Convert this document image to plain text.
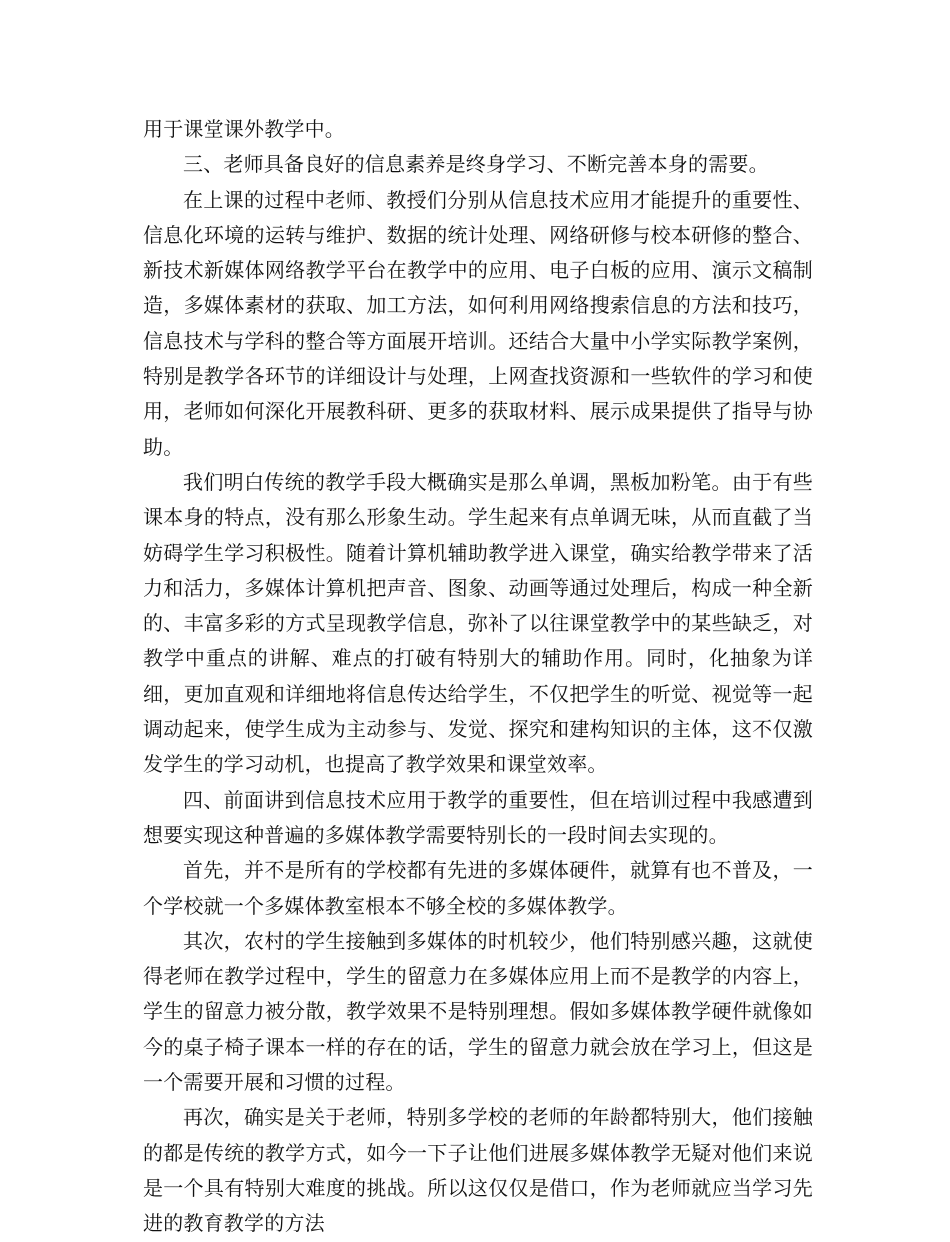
用于课堂课外教学中。

三、老师具备良好的信息素养是终身学习、不断完善本身的需要。

在上课的过程中老师、教授们分别从信息技术应用才能提升的重要性、信息化环境的运转与维护、数据的统计处理、网络研修与校本研修的整合、新技术新媒体网络教学平台在教学中的应用、电子白板的应用、演示文稿制造，多媒体素材的获取、加工方法，如何利用网络搜索信息的方法和技巧，信息技术与学科的整合等方面展开培训。还结合大量中小学实际教学案例，特别是教学各环节的详细设计与处理，上网查找资源和一些软件的学习和使用，老师如何深化开展教科研、更多的获取材料、展示成果提供了指导与协助。

我们明白传统的教学手段大概确实是那么单调，黑板加粉笔。由于有些课本身的特点，没有那么形象生动。学生起来有点单调无味，从而直截了当妨碍学生学习积极性。随着计算机辅助教学进入课堂，确实给教学带来了活力和活力，多媒体计算机把声音、图象、动画等通过处理后，构成一种全新的、丰富多彩的方式呈现教学信息，弥补了以往课堂教学中的某些缺乏，对教学中重点的讲解、难点的打破有特别大的辅助作用。同时，化抽象为详细，更加直观和详细地将信息传达给学生，不仅把学生的听觉、视觉等一起调动起来，使学生成为主动参与、发觉、探究和建构知识的主体，这不仅激发学生的学习动机，也提高了教学效果和课堂效率。

四、前面讲到信息技术应用于教学的重要性，但在培训过程中我感遭到想要实现这种普遍的多媒体教学需要特别长的一段时间去实现的。

首先，并不是所有的学校都有先进的多媒体硬件，就算有也不普及，一个学校就一个多媒体教室根本不够全校的多媒体教学。

其次，农村的学生接触到多媒体的时机较少，他们特别感兴趣，这就使得老师在教学过程中，学生的留意力在多媒体应用上而不是教学的内容上，学生的留意力被分散，教学效果不是特别理想。假如多媒体教学硬件就像如今的桌子椅子课本一样的存在的话，学生的留意力就会放在学习上，但这是一个需要开展和习惯的过程。

再次，确实是关于老师，特别多学校的老师的年龄都特别大，他们接触的都是传统的教学方式，如今一下子让他们进展多媒体教学无疑对他们来说是一个具有特别大难度的挑战。所以这仅仅是借口，作为老师就应当学习先进的教育教学的方法
